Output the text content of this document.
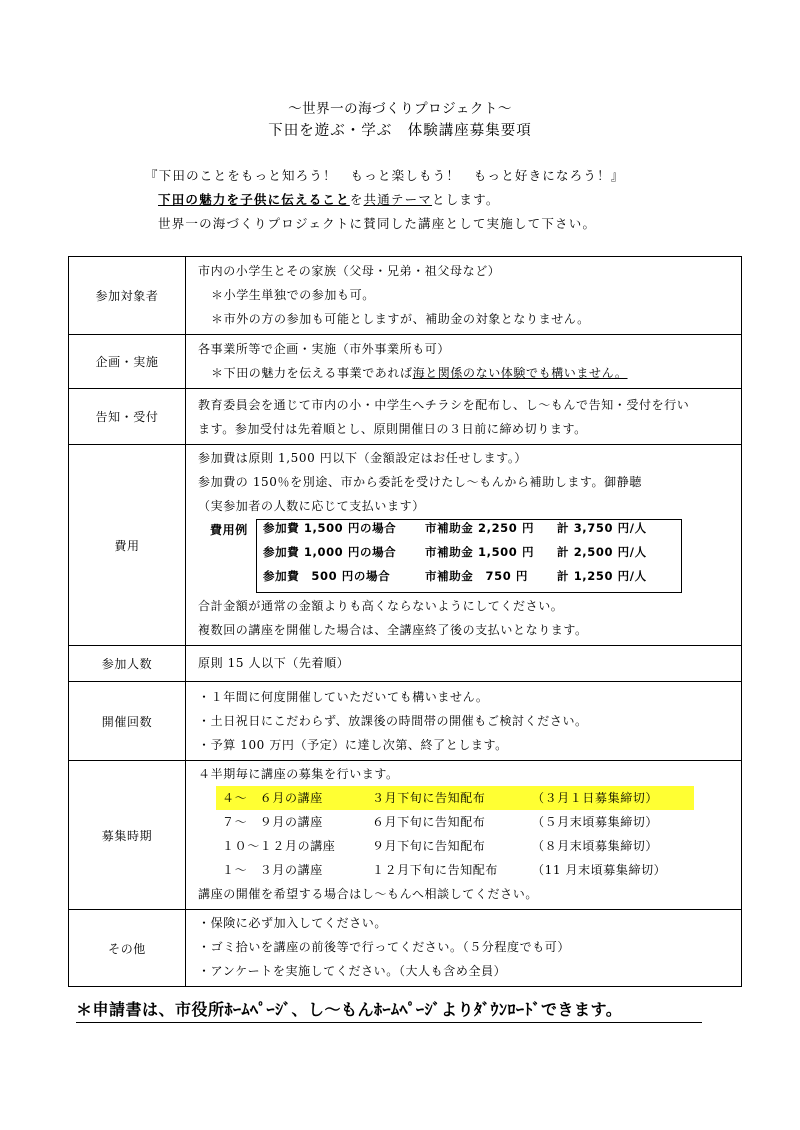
～世界一の海づくりプロジェクト～
下田を遊ぶ・学ぶ　体験講座募集要項
『下田のことをもっと知ろう！　もっと楽しもう！　もっと好きになろう！』
下田の魅力を子供に伝えることを共通テーマとします。
世界一の海づくりプロジェクトに賛同した講座として実施して下さい。
参加対象者	
市内の小学生とその家族（父母・兄弟・祖父母など）
＊小学生単独での参加も可。
＊市外の方の参加も可能としますが、補助金の対象となりません。

企画・実施	
各事業所等で企画・実施（市外事業所も可）
＊下田の魅力を伝える事業であれば海と関係のない体験でも構いません。

告知・受付	
教育委員会を通じて市内の小・中学生へチラシを配布し、し～もんで告知・受付を行い
ます。参加受付は先着順とし、原則開催日の３日前に締め切ります。

費用	
参加費は原則 1,500 円以下（金額設定はお任せします。）
参加費の 150％を別途、市から委託を受けたし～もんから補助します。御静聴
（実参加者の人数に応じて支払います）
費用例 参加費 1,500 円の場合	市補助金 2,250 円	計 3,750 円/人
参加費 1,000 円の場合	市補助金 1,500 円	計 2,500 円/人
参加費　500 円の場合	市補助金　750 円	計 1,250 円/人
合計金額が通常の金額よりも高くならないようにしてください。
複数回の講座を開催した場合は、全講座終了後の支払いとなります。

参加人数	原則 15 人以下（先着順）

開催回数	
・１年間に何度開催していただいても構いません。
・土日祝日にこだわらず、放課後の時間帯の開催もご検討ください。
・予算 100 万円（予定）に達し次第、終了とします。

募集時期	
４半期毎に講座の募集を行います。
４～　６月の講座	３月下旬に告知配布	（３月１日募集締切）
７～　９月の講座	６月下旬に告知配布	（５月末頃募集締切）
１０～１２月の講座	９月下旬に告知配布	（８月末頃募集締切）
１～　３月の講座	１２月下旬に告知配布	（11 月末頃募集締切）
講座の開催を希望する場合はし～もんへ相談してください。

その他	
・保険に必ず加入してください。
・ゴミ拾いを講座の前後等で行ってください。（５分程度でも可）
・アンケートを実施してください。（大人も含め全員）
＊申請書は、市役所ﾎｰﾑﾍﾟｰｼﾞ、し～もんﾎｰﾑﾍﾟｰｼﾞよりﾀﾞｳﾝﾛｰﾄﾞできます。
